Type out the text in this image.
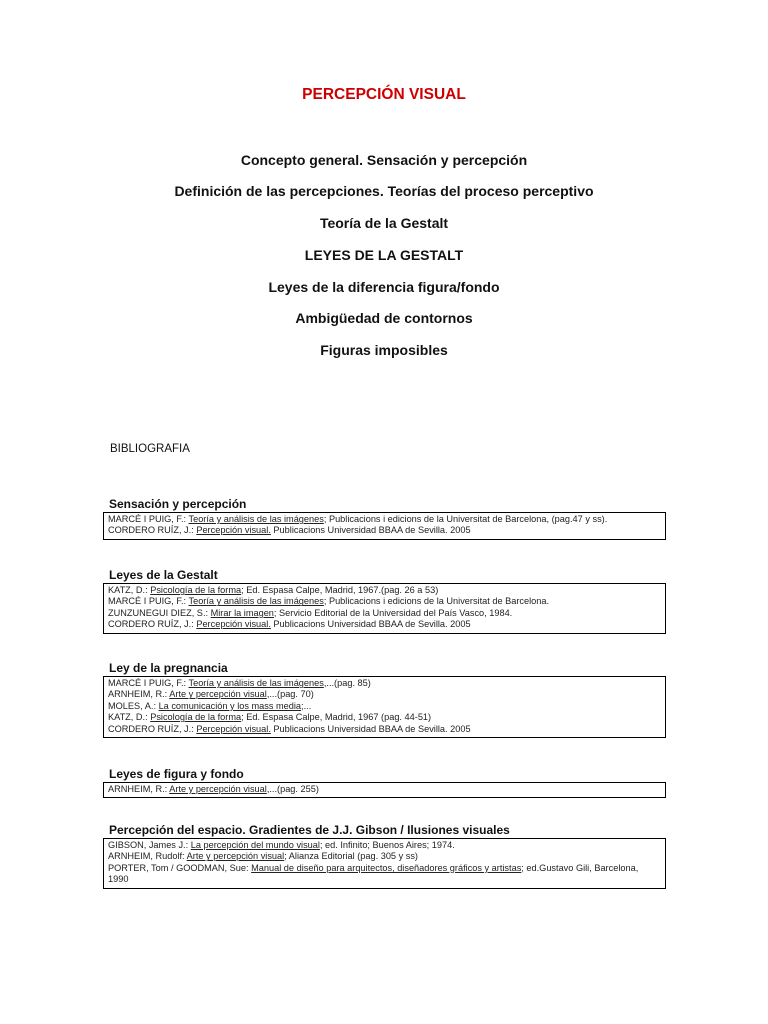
PERCEPCIÓN VISUAL
Concepto general. Sensación y percepción
Definición de las percepciones. Teorías del proceso perceptivo
Teoría de la Gestalt
LEYES DE LA GESTALT
Leyes de la diferencia figura/fondo
Ambigüedad de contornos
Figuras imposibles
BIBLIOGRAFIA
Sensación y percepción
MARCÉ I PUIG, F.: Teoría y análisis de las imágenes; Publicacions i edicions de la Universitat de Barcelona, (pag.47 y ss).
CORDERO RUÍZ, J.: Percepción visual. Publicacions Universidad BBAA de Sevilla. 2005
Leyes de la Gestalt
KATZ, D.: Psicología de la forma; Ed. Espasa Calpe, Madrid, 1967.(pag. 26 a 53)
MARCÉ I PUIG, F.: Teoría y análisis de las imágenes; Publicacions i edicions de la Universitat de Barcelona.
ZUNZUNEGUI DIEZ, S.: Mirar la imagen; Servicio Editorial de la Universidad del País Vasco, 1984.
CORDERO RUÍZ, J.: Percepción visual. Publicacions Universidad BBAA de Sevilla. 2005
Ley de la pregnancia
MARCÉ I PUIG, F.: Teoría y análisis de las imágenes,...(pag. 85)
ARNHEIM, R.: Arte y percepción visual,...(pag. 70)
MOLES, A.: La comunicación y los mass media;...
KATZ, D.: Psicología de la forma; Ed. Espasa Calpe, Madrid, 1967 (pag. 44-51)
CORDERO RUÍZ, J.: Percepción visual. Publicacions Universidad BBAA de Sevilla. 2005
Leyes de figura y fondo
ARNHEIM, R.: Arte y percepción visual,...(pag. 255)
Percepción del espacio. Gradientes de J.J. Gibson / Ilusiones visuales
GIBSON, James J.: La percepción del mundo visual; ed. Infinito; Buenos Aires; 1974.
ARNHEIM, Rudolf: Arte y percepción visual; Alianza Editorial (pag. 305 y ss)
PORTER, Tom / GOODMAN, Sue: Manual de diseño para arquitectos, diseñadores gráficos y artistas; ed.Gustavo Gili, Barcelona, 1990
